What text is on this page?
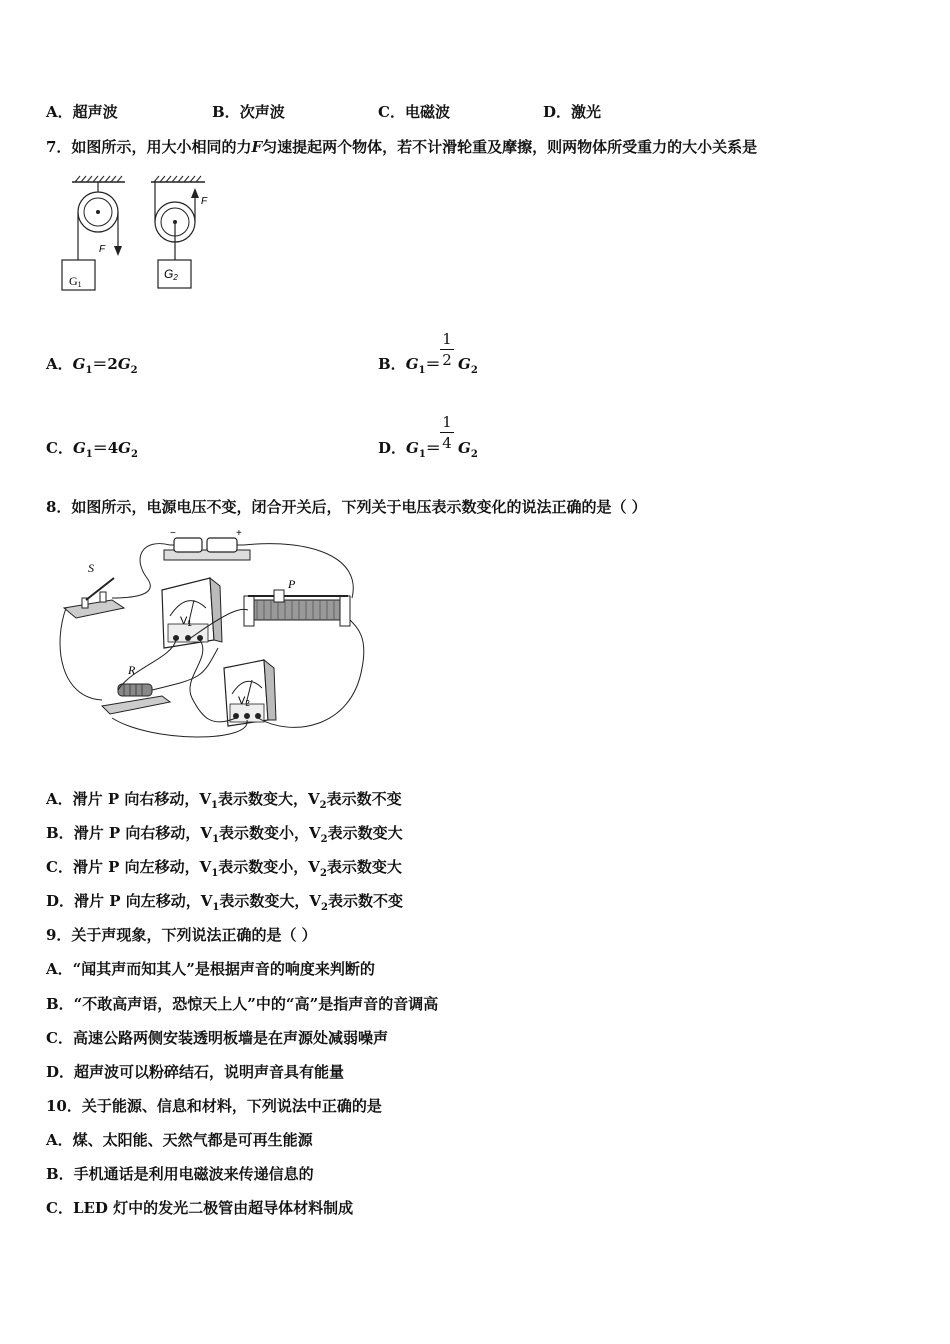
A．超声波	B．次声波	C．电磁波	D．激光
7．如图所示，用大小相同的力F匀速提起两个物体，若不计滑轮重及摩擦，则两物体所受重力的大小关系是
G1
F
G2
F
A．$G_1=2G_2$	B．$G_1=$
1
2 $G_2$
C．$G_1=4G_2$	D．$G_1=$
1
4 $G_2$
8．如图所示，电源电压不变，闭合开关后，下列关于电压表示数变化的说法正确的是（ ）
−	+
S
V1
P
R
V2
A．滑片 P 向右移动，$V_1$表示数变大，$V_2$表示数不变
B．滑片 P 向右移动，$V_1$表示数变小，$V_2$表示数变大
C．滑片 P 向左移动，$V_1$表示数变小，$V_2$表示数变大
D．滑片 P 向左移动，$V_1$表示数变大，$V_2$表示数不变
9．关于声现象，下列说法正确的是（ ）
A．“闻其声而知其人”是根据声音的响度来判断的
B．“不敢高声语，恐惊天上人”中的“高”是指声音的音调高
C．高速公路两侧安装透明板墙是在声源处减弱噪声
D．超声波可以粉碎结石，说明声音具有能量
10．关于能源、信息和材料，下列说法中正确的是
A．煤、太阳能、天然气都是可再生能源
B．手机通话是利用电磁波来传递信息的
C．LED 灯中的发光二极管由超导体材料制成
